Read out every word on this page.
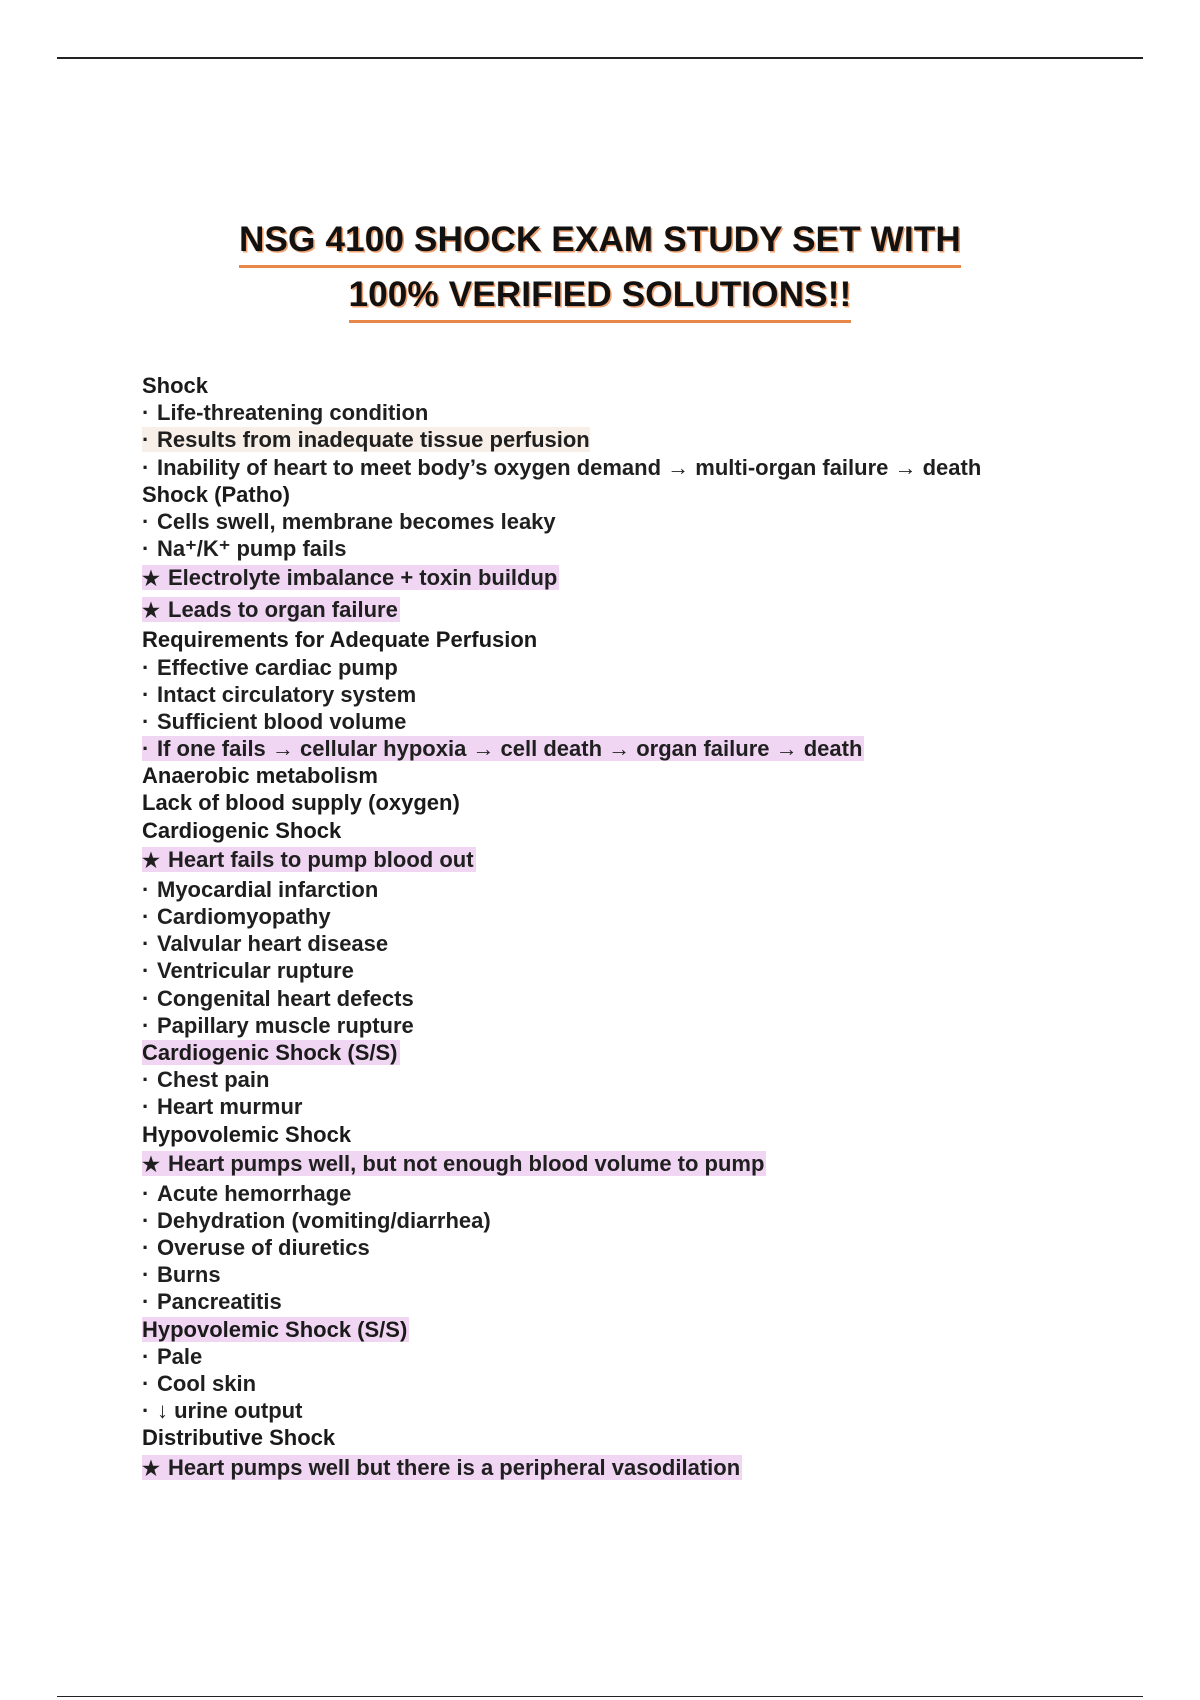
NSG 4100 SHOCK EXAM STUDY SET WITH
100% VERIFIED SOLUTIONS!!
Shock
· Life-threatening condition
· Results from inadequate tissue perfusion
· Inability of heart to meet body’s oxygen demand → multi-organ failure → death
Shock (Patho)
· Cells swell, membrane becomes leaky
· Na⁺/K⁺ pump fails
★ Electrolyte imbalance + toxin buildup
★ Leads to organ failure
Requirements for Adequate Perfusion
· Effective cardiac pump
· Intact circulatory system
· Sufficient blood volume
· If one fails → cellular hypoxia → cell death → organ failure → death
Anaerobic metabolism
Lack of blood supply (oxygen)
Cardiogenic Shock
★ Heart fails to pump blood out
· Myocardial infarction
· Cardiomyopathy
· Valvular heart disease
· Ventricular rupture
· Congenital heart defects
· Papillary muscle rupture
Cardiogenic Shock (S/S)
· Chest pain
· Heart murmur
Hypovolemic Shock
★ Heart pumps well, but not enough blood volume to pump
· Acute hemorrhage
· Dehydration (vomiting/diarrhea)
· Overuse of diuretics
· Burns
· Pancreatitis
Hypovolemic Shock (S/S)
· Pale
· Cool skin
· ↓ urine output
Distributive Shock
★ Heart pumps well but there is a peripheral vasodilation
